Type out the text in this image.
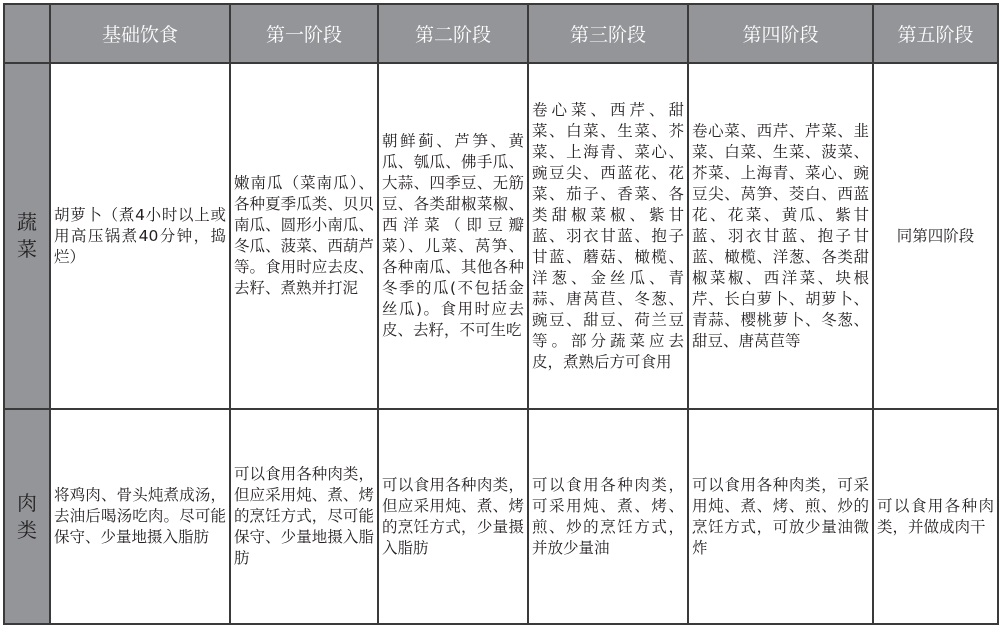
	基础饮食	第一阶段	第二阶段	第三阶段	第四阶段	第五阶段
蔬菜	胡萝卜（煮4小时以上或用高压锅煮40分钟，捣烂）	嫩南瓜（菜南瓜）、各种夏季瓜类、贝贝南瓜、圆形小南瓜、冬瓜、菠菜、西葫芦等。食用时应去皮、去籽、煮熟并打泥	朝鲜蓟、芦笋、黄瓜、瓠瓜、佛手瓜、大蒜、四季豆、无筋豆、各类甜椒菜椒、西洋菜（即豆瓣菜）、儿菜、莴笋、各种南瓜、其他各种冬季的瓜(不包括金丝瓜)。食用时应去皮、去籽，不可生吃	卷心菜、西芹、甜菜、白菜、生菜、芥菜、上海青、菜心、豌豆尖、西蓝花、花菜、茄子、香菜、各类甜椒菜椒、紫甘蓝、羽衣甘蓝、抱子甘蓝、蘑菇、橄榄、洋葱、金丝瓜、青蒜、唐莴苣、冬葱、豌豆、甜豆、荷兰豆等。部分蔬菜应去皮，煮熟后方可食用	卷心菜、西芹、芹菜、韭菜、白菜、生菜、菠菜、芥菜、上海青、菜心、豌豆尖、莴笋、茭白、西蓝花、花菜、黄瓜、紫甘蓝、羽衣甘蓝、抱子甘蓝、橄榄、洋葱、各类甜椒菜椒、西洋菜、块根芹、长白萝卜、胡萝卜、青蒜、樱桃萝卜、冬葱、甜豆、唐莴苣等	同第四阶段
肉类	将鸡肉、骨头炖煮成汤，去油后喝汤吃肉。尽可能保守、少量地摄入脂肪	可以食用各种肉类，但应采用炖、煮、烤的烹饪方式，尽可能保守、少量地摄入脂肪	可以食用各种肉类，但应采用炖、煮、烤的烹饪方式，少量摄入脂肪	可以食用各种肉类，可采用炖、煮、烤、煎、炒的烹饪方式，并放少量油	可以食用各种肉类，可采用炖、煮、烤、煎、炒的烹饪方式，可放少量油微炸	可以食用各种肉类，并做成肉干
